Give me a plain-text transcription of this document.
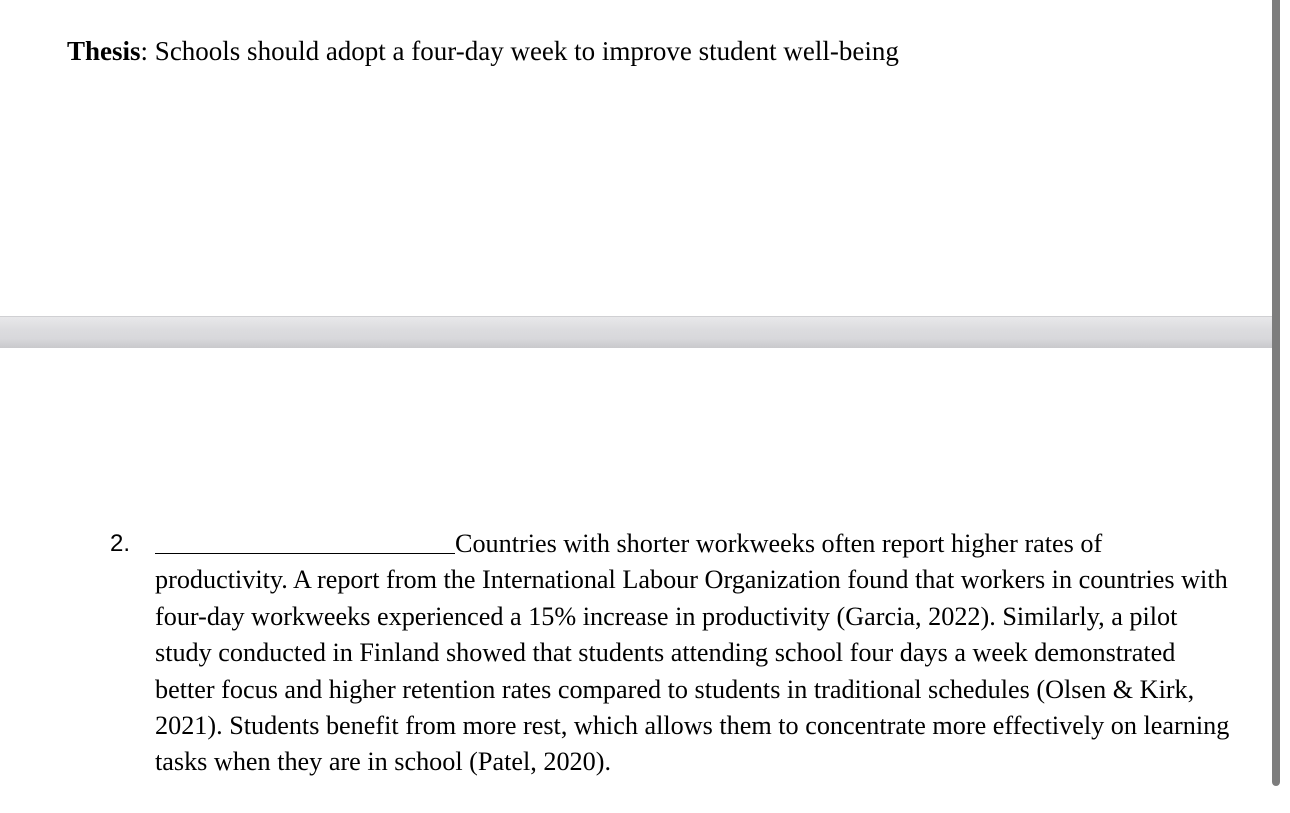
Thesis: Schools should adopt a four-day week to improve student well-being
2.	Countries with shorter workweeks often report higher rates of productivity. A report from the International Labour Organization found that workers in countries with four-day workweeks experienced a 15% increase in productivity (Garcia, 2022). Similarly, a pilot study conducted in Finland showed that students attending school four days a week demonstrated better focus and higher retention rates compared to students in traditional schedules (Olsen & Kirk, 2021). Students benefit from more rest, which allows them to concentrate more effectively on learning tasks when they are in school (Patel, 2020).
